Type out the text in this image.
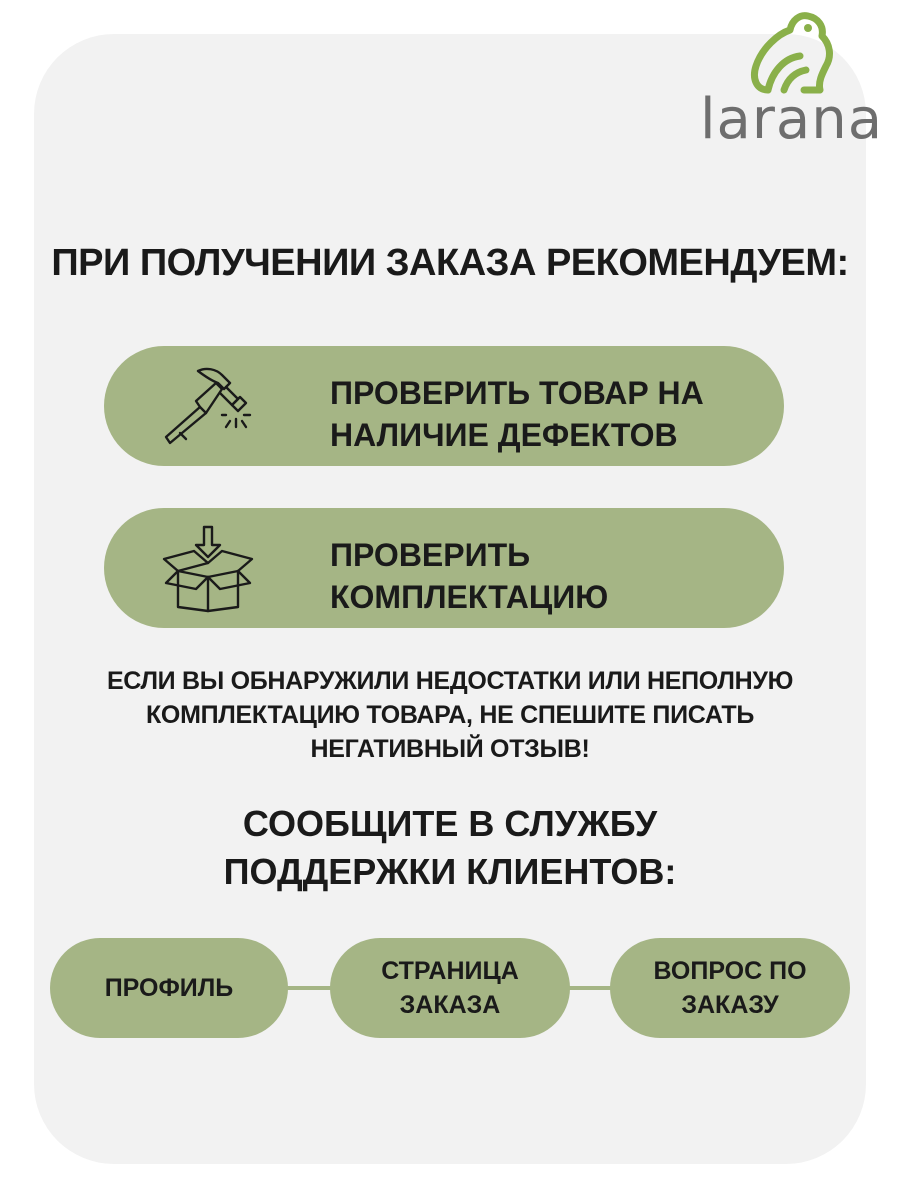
larana
ПРИ ПОЛУЧЕНИИ ЗАКАЗА РЕКОМЕНДУЕМ:
ПРОВЕРИТЬ ТОВАР НА
НАЛИЧИЕ ДЕФЕКТОВ
ПРОВЕРИТЬ
КОМПЛЕКТАЦИЮ
ЕСЛИ ВЫ ОБНАРУЖИЛИ НЕДОСТАТКИ ИЛИ НЕПОЛНУЮ
КОМПЛЕКТАЦИЮ ТОВАРА, НЕ СПЕШИТЕ ПИСАТЬ
НЕГАТИВНЫЙ ОТЗЫВ!
СООБЩИТЕ В СЛУЖБУ
ПОДДЕРЖКИ КЛИЕНТОВ:
ПРОФИЛЬ
СТРАНИЦА
ЗАКАЗА
ВОПРОС ПО
ЗАКАЗУ
